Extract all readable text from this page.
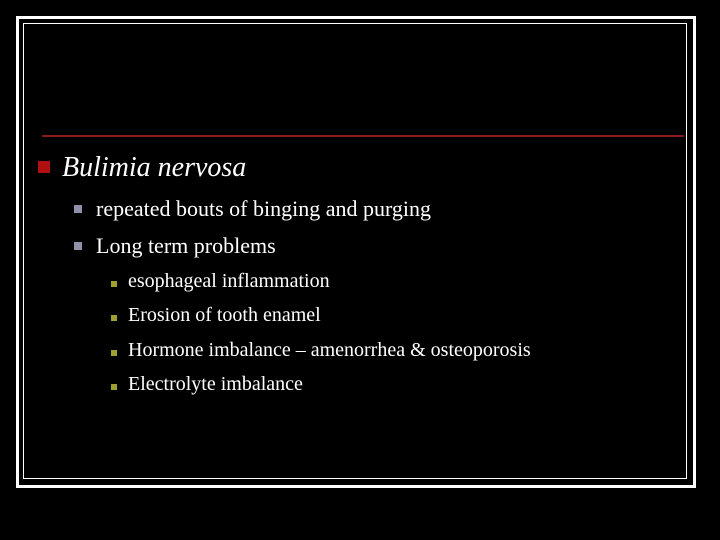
Bulimia nervosa
repeated bouts of binging and purging
Long term problems
esophageal inflammation
Erosion of tooth enamel
Hormone imbalance – amenorrhea & osteoporosis
Electrolyte imbalance
